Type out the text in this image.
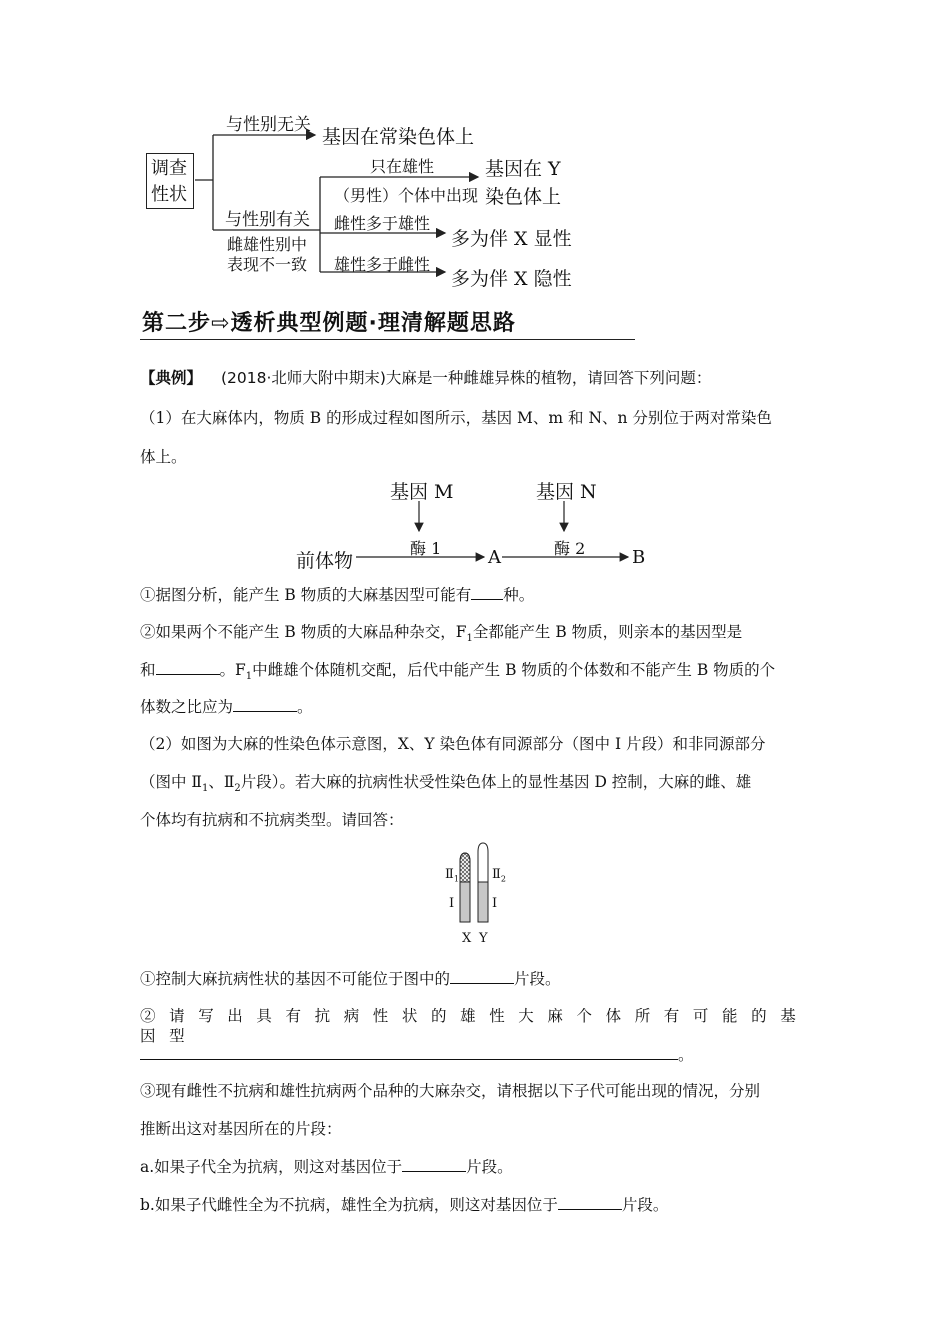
调查
性状
与性别无关
基因在常染色体上
与性别有关
雌雄性别中
表现不一致
只在雄性
（男性）个体中出现
基因在 Y
染色体上
雌性多于雄性
多为伴 X 显性
雄性多于雌性
多为伴 X 隐性
第二步⇨透析典型例题·理清解题思路
【典例】 (2018·北师大附中期末)大麻是一种雌雄异株的植物，请回答下列问题：
（1）在大麻体内，物质 B 的形成过程如图所示，基因 M、m 和 N、n 分别位于两对常染色
体上。
基因 M	基因 N
酶 1	酶 2
前体物	A	B
①据图分析，能产生 B 物质的大麻基因型可能有 种。
②如果两个不能产生 B 物质的大麻品种杂交，$F_1$全都能产生 B 物质，则亲本的基因型是
和	。$F_1$中雌雄个体随机交配，后代中能产生 B 物质的个体数和不能产生 B 物质的个
体数之比应为	。
（2）如图为大麻的性染色体示意图，X、Y 染色体有同源部分（图中 Ⅰ 片段）和非同源部分
（图中 $Ⅱ_1$、$Ⅱ_2$片段）。若大麻的抗病性状受性染色体上的显性基因 D 控制，大麻的雌、雄
个体均有抗病和不抗病类型。请回答：
$Ⅱ_1$	$Ⅱ_2$
Ⅰ	Ⅰ
X Y
①控制大麻抗病性状的基因不可能位于图中的	片段。
②请写出具有抗病性状的雄性大麻个体所有可能的基因型
。
③现有雌性不抗病和雄性抗病两个品种的大麻杂交，请根据以下子代可能出现的情况，分别
推断出这对基因所在的片段：
a.如果子代全为抗病，则这对基因位于	片段。
b.如果子代雌性全为不抗病，雄性全为抗病，则这对基因位于	片段。
